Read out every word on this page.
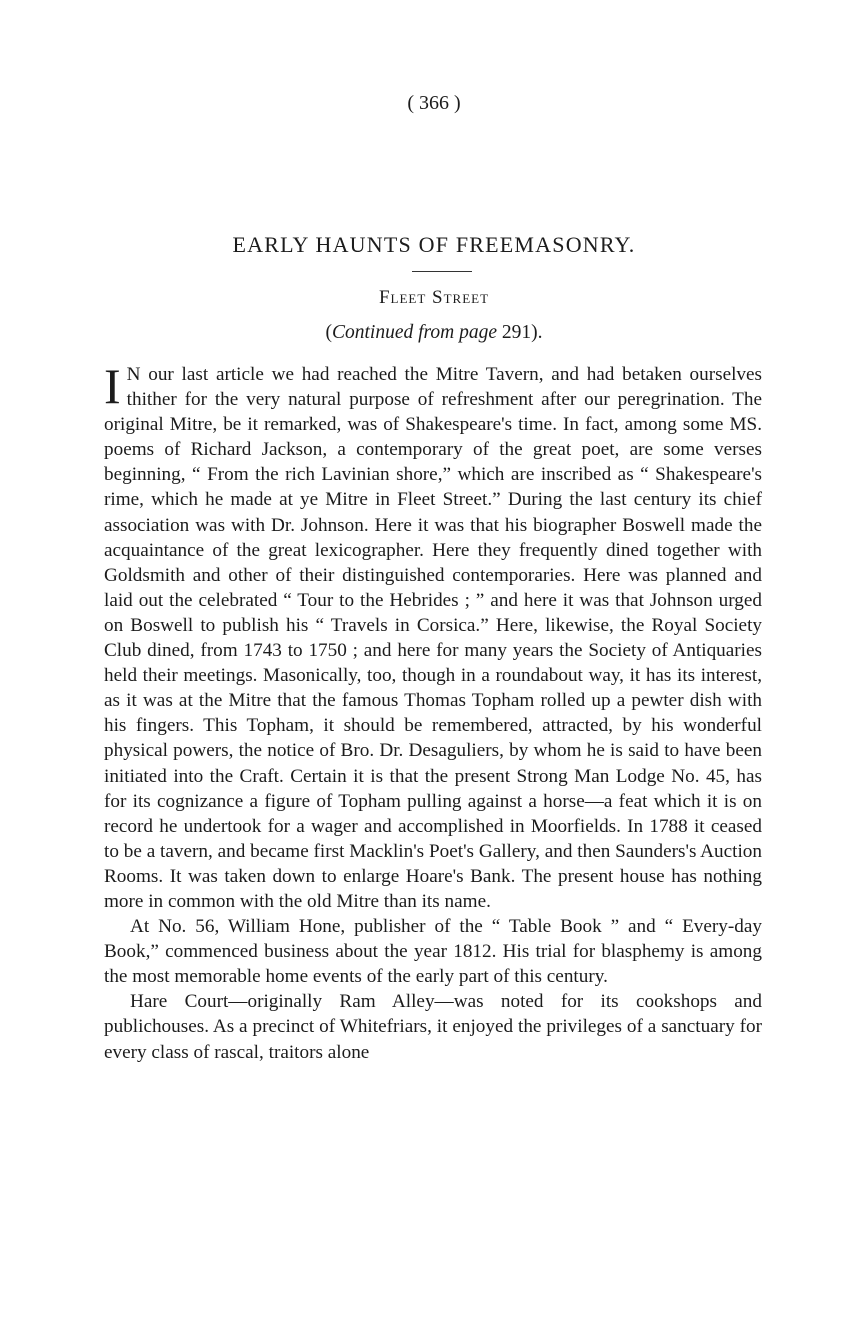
( 366 )
EARLY HAUNTS OF FREEMASONRY.
Fleet Street
(Continued from page 291).

I N our last article we had reached the Mitre Tavern, and had betaken ourselves thither for the very natural purpose of refreshment after our peregrination. The original Mitre, be it remarked, was of Shakespeare's time. In fact, among some MS. poems of Richard Jackson, a contemporary of the great poet, are some verses beginning, “ From the rich Lavinian shore,” which are inscribed as “ Shakespeare's rime, which he made at ye Mitre in Fleet Street.” During the last century its chief association was with Dr. Johnson. Here it was that his biographer Boswell made the acquaintance of the great lexicographer. Here they frequently dined together with Goldsmith and other of their distinguished contemporaries. Here was planned and laid out the celebrated “ Tour to the Hebrides ; ” and here it was that Johnson urged on Boswell to publish his “ Travels in Corsica.” Here, likewise, the Royal Society Club dined, from 1743 to 1750 ; and here for many years the Society of Antiquaries held their meetings. Masonically, too, though in a roundabout way, it has its interest, as it was at the Mitre that the famous Thomas Topham rolled up a pewter dish with his fingers. This Topham, it should be remembered, attracted, by his wonderful physical powers, the notice of Bro. Dr. Desaguliers, by whom he is said to have been initiated into the Craft. Certain it is that the present Strong Man Lodge No. 45, has for its cognizance a figure of Topham pulling against a horse—a feat which it is on record he undertook for a wager and accomplished in Moorfields. In 1788 it ceased to be a tavern, and became first Macklin's Poet's Gallery, and then Saunders's Auction Rooms. It was taken down to enlarge Hoare's Bank. The present house has nothing more in common with the old Mitre than its name.

At No. 56, William Hone, publisher of the “ Table Book ” and “ Every-day Book,” commenced business about the year 1812. His trial for blasphemy is among the most memorable home events of the early part of this century.

Hare Court—originally Ram Alley—was noted for its cookshops and publichouses. As a precinct of Whitefriars, it enjoyed the privileges of a sanctuary for every class of rascal, traitors alone
